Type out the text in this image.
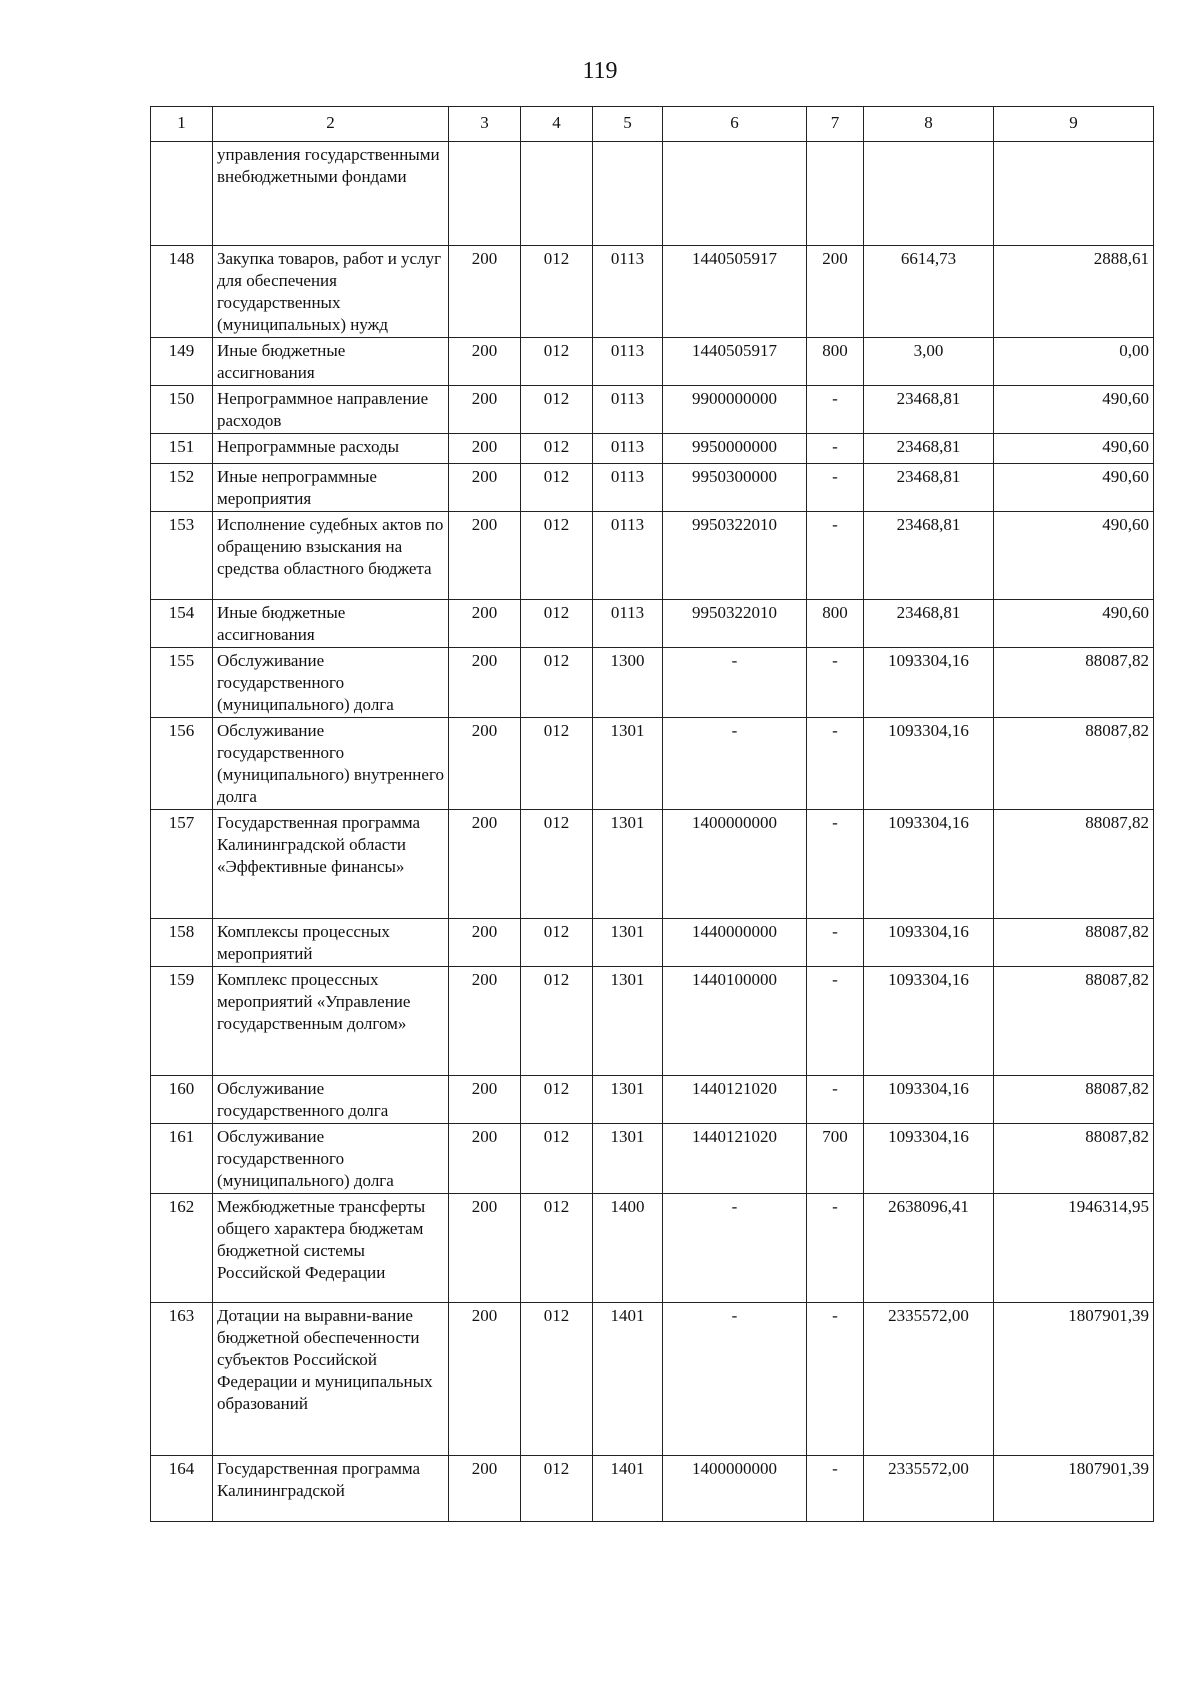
119
1	2	3	4	5	6	7	8	9
	управления государственными внебюджетными фондами							
148	Закупка товаров, работ и услуг для обеспечения государственных (муниципальных) нужд	200	012	0113	1440505917	200	6614,73	2888,61
149	Иные бюджетные ассигнования	200	012	0113	1440505917	800	3,00	0,00
150	Непрограммное направление расходов	200	012	0113	9900000000	-	23468,81	490,60
151	Непрограммные расходы	200	012	0113	9950000000	-	23468,81	490,60
152	Иные непрограммные мероприятия	200	012	0113	9950300000	-	23468,81	490,60
153	Исполнение судебных актов по обращению взыскания на средства областного бюджета	200	012	0113	9950322010	-	23468,81	490,60
154	Иные бюджетные ассигнования	200	012	0113	9950322010	800	23468,81	490,60
155	Обслуживание государственного (муниципального) долга	200	012	1300	-	-	1093304,16	88087,82
156	Обслуживание государственного (муниципального) внутреннего долга	200	012	1301	-	-	1093304,16	88087,82
157	Государственная программа Калининградской области «Эффективные финансы»	200	012	1301	1400000000	-	1093304,16	88087,82
158	Комплексы процессных мероприятий	200	012	1301	1440000000	-	1093304,16	88087,82
159	Комплекс процессных мероприятий «Управление государственным долгом»	200	012	1301	1440100000	-	1093304,16	88087,82
160	Обслуживание государственного долга	200	012	1301	1440121020	-	1093304,16	88087,82
161	Обслуживание государственного (муниципального) долга	200	012	1301	1440121020	700	1093304,16	88087,82
162	Межбюджетные трансферты общего характера бюджетам бюджетной системы Российской Федерации	200	012	1400	-	-	2638096,41	1946314,95
163	Дотации на выравни-вание бюджетной обеспеченности субъектов Российской Федерации и муниципальных образований	200	012	1401	-	-	2335572,00	1807901,39
164	Государственная программа Калининградской	200	012	1401	1400000000	-	2335572,00	1807901,39
